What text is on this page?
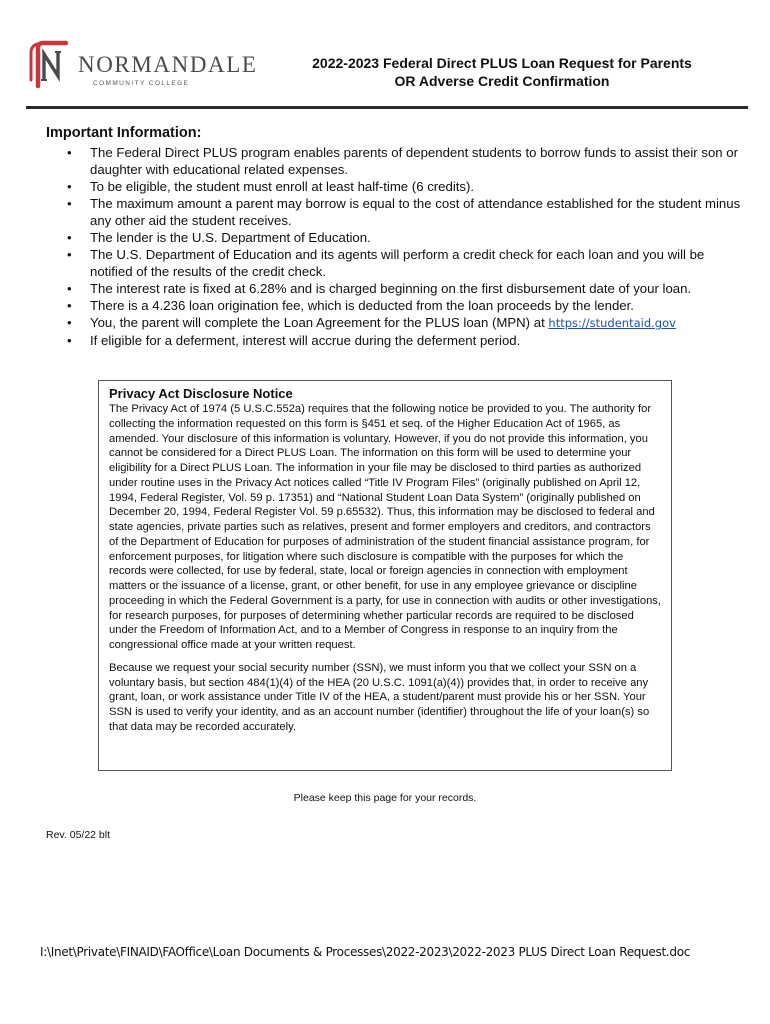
NORMANDALE
COMMUNITY COLLEGE
2022-2023 Federal Direct PLUS Loan Request for Parents
OR Adverse Credit Confirmation
Important Information:
• The Federal Direct PLUS program enables parents of dependent students to borrow funds to assist their son or daughter with educational related expenses.
• To be eligible, the student must enroll at least half-time (6 credits).
• The maximum amount a parent may borrow is equal to the cost of attendance established for the student minus any other aid the student receives.
• The lender is the U.S. Department of Education.
• The U.S. Department of Education and its agents will perform a credit check for each loan and you will be notified of the results of the credit check.
• The interest rate is fixed at 6.28% and is charged beginning on the first disbursement date of your loan.
• There is a 4.236 loan origination fee, which is deducted from the loan proceeds by the lender.
• You, the parent will complete the Loan Agreement for the PLUS loan (MPN) at https://studentaid.gov
• If eligible for a deferment, interest will accrue during the deferment period.
Privacy Act Disclosure Notice

The Privacy Act of 1974 (5 U.S.C.552a) requires that the following notice be provided to you. The authority for collecting the information requested on this form is §451 et seq. of the Higher Education Act of 1965, as amended. Your disclosure of this information is voluntary. However, if you do not provide this information, you cannot be considered for a Direct PLUS Loan. The information on this form will be used to determine your eligibility for a Direct PLUS Loan. The information in your file may be disclosed to third parties as authorized under routine uses in the Privacy Act notices called “Title IV Program Files” (originally published on April 12, 1994, Federal Register, Vol. 59 p. 17351) and “National Student Loan Data System” (originally published on December 20, 1994, Federal Register Vol. 59 p.65532). Thus, this information may be disclosed to federal and state agencies, private parties such as relatives, present and former employers and creditors, and contractors of the Department of Education for purposes of administration of the student financial assistance program, for enforcement purposes, for litigation where such disclosure is compatible with the purposes for which the records were collected, for use by federal, state, local or foreign agencies in connection with employment matters or the issuance of a license, grant, or other benefit, for use in any employee grievance or discipline proceeding in which the Federal Government is a party, for use in connection with audits or other investigations, for research purposes, for purposes of determining whether particular records are required to be disclosed under the Freedom of Information Act, and to a Member of Congress in response to an inquiry from the congressional office made at your written request.

Because we request your social security number (SSN), we must inform you that we collect your SSN on a voluntary basis, but section 484(1)(4) of the HEA (20 U.S.C. 1091(a)(4)) provides that, in order to receive any grant, loan, or work assistance under Title IV of the HEA, a student/parent must provide his or her SSN. Your SSN is used to verify your identity, and as an account number (identifier) throughout the life of your loan(s) so that data may be recorded accurately.

Please keep this page for your records.
Rev. 05/22 blt
I:\Inet\Private\FINAID\FAOffice\Loan Documents & Processes\2022-2023\2022-2023 PLUS Direct Loan Request.doc
